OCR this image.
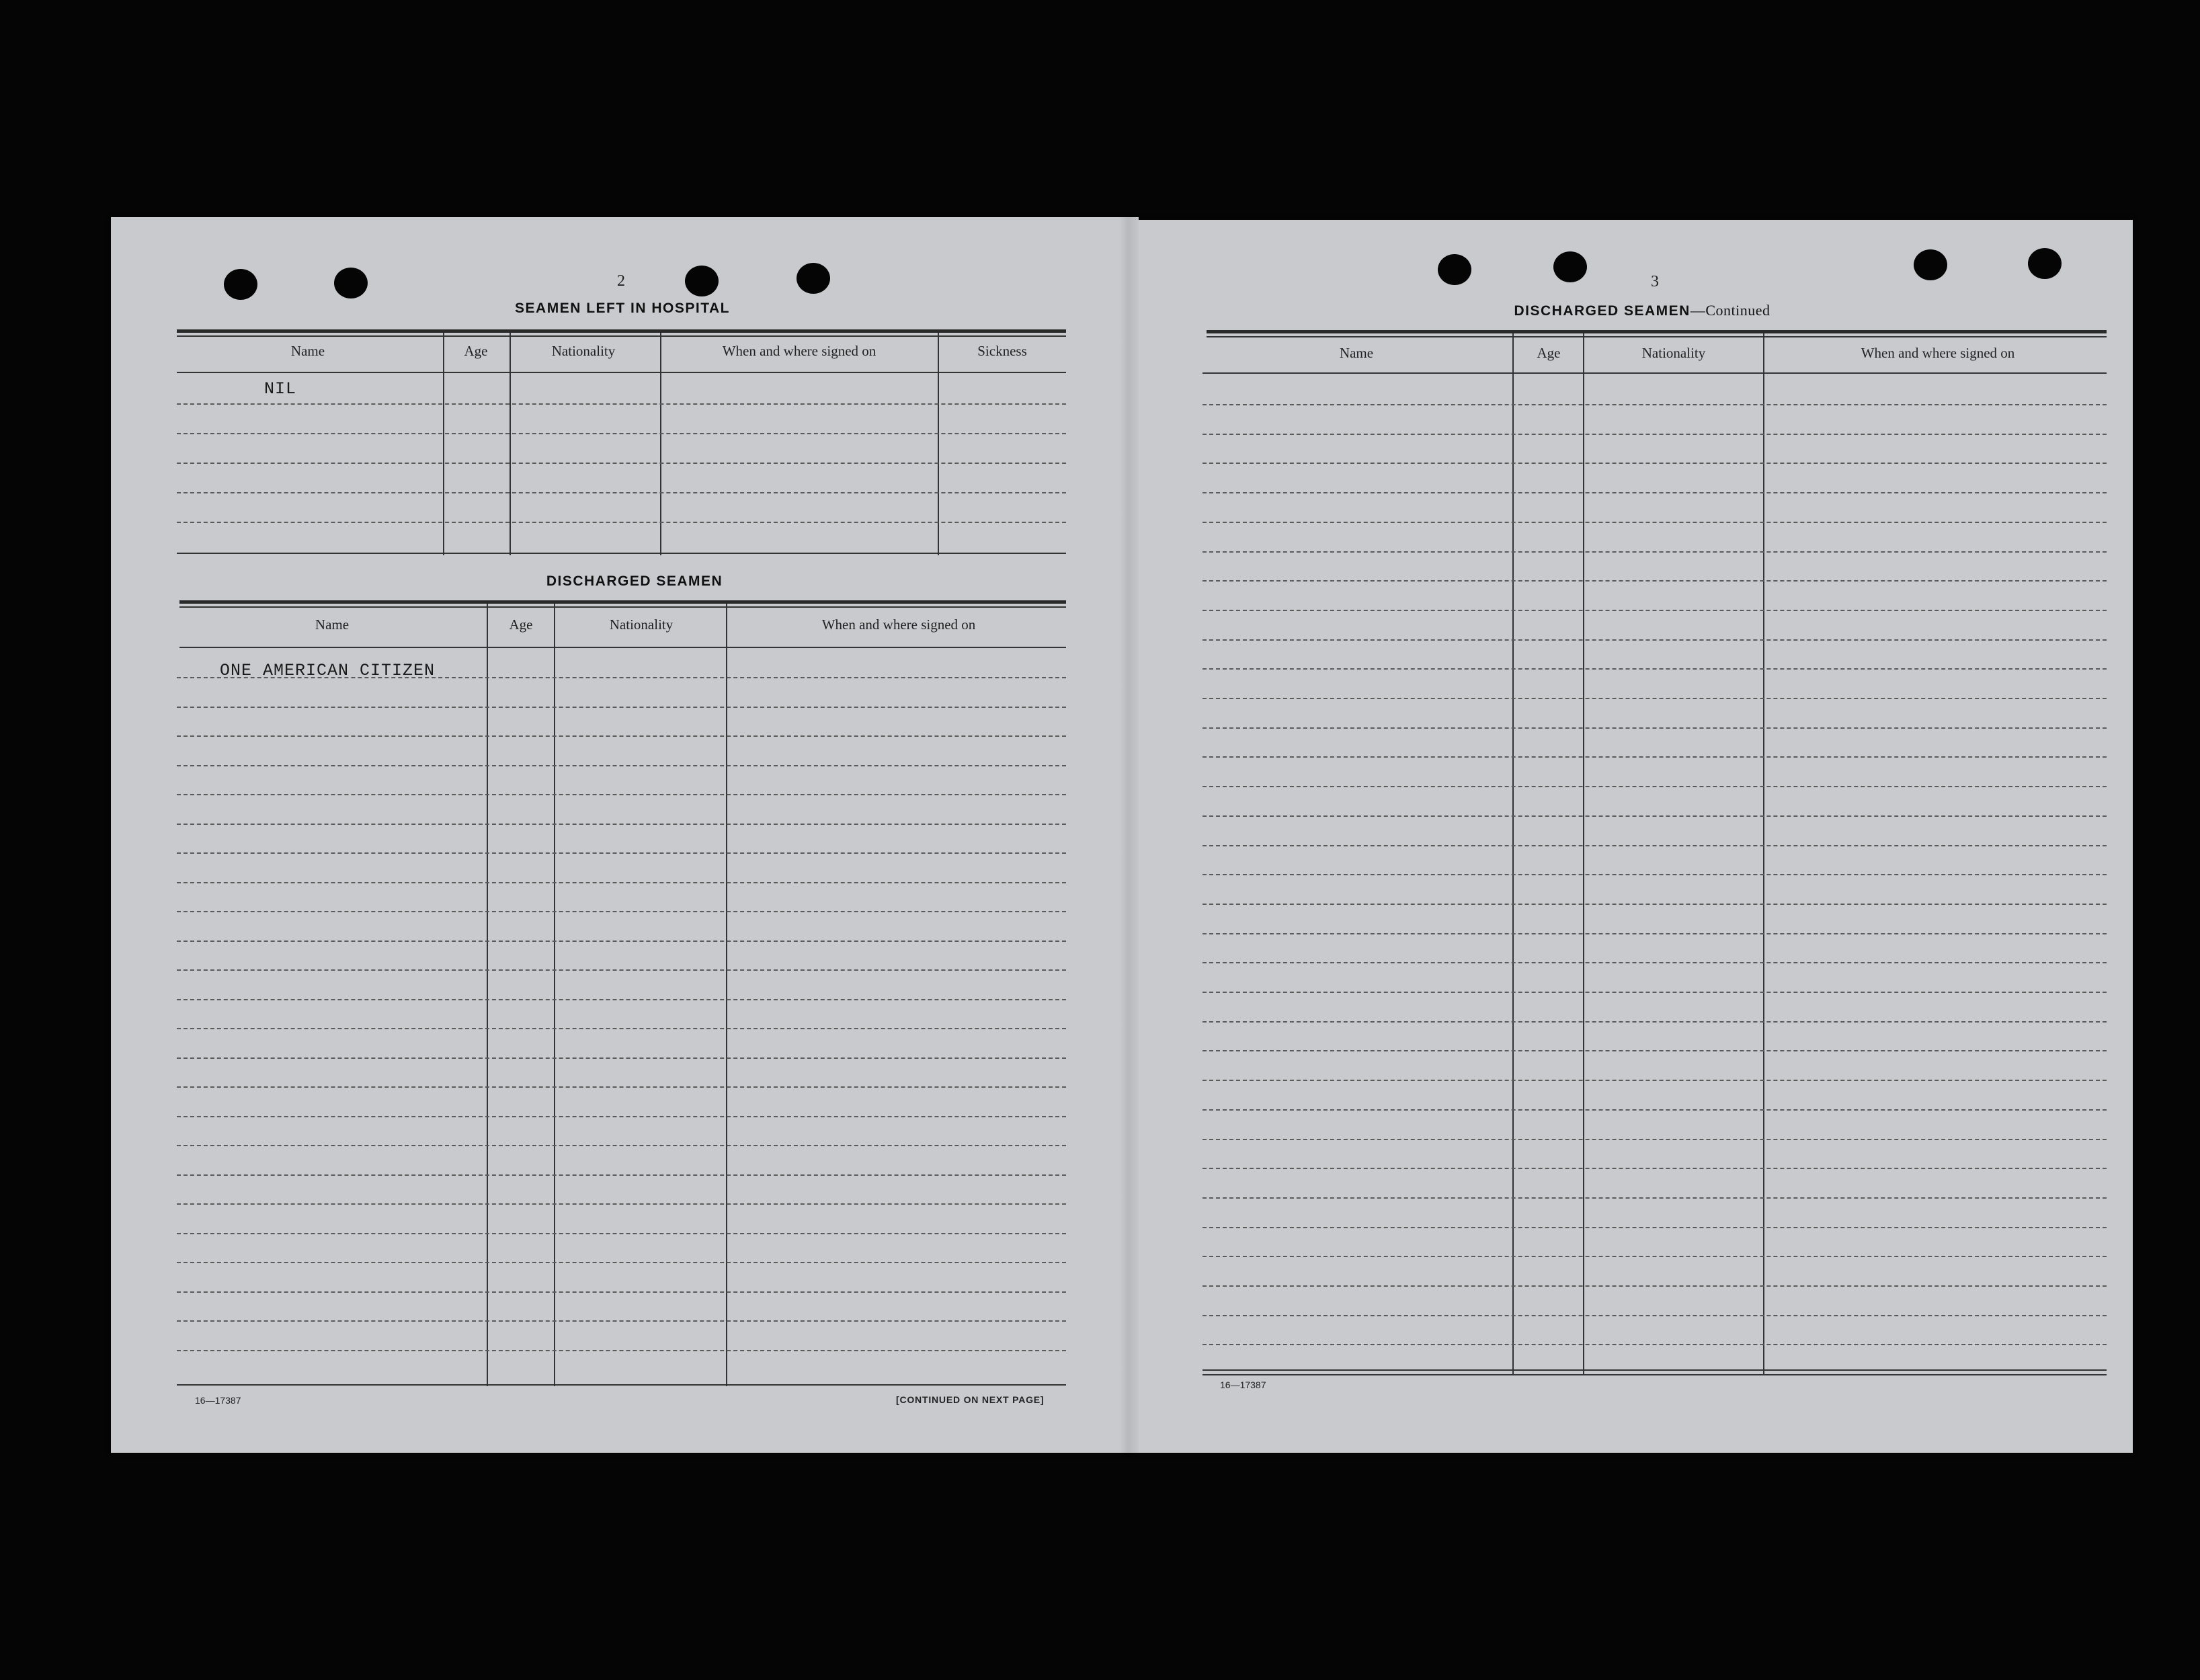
2
SEAMEN LEFT IN HOSPITAL
Name	Age	Nationality	When and where signed on	Sickness
NIL
DISCHARGED SEAMEN
Name	Age	Nationality	When and where signed on
ONE AMERICAN CITIZEN
16—17387	[CONTINUED ON NEXT PAGE]
3
DISCHARGED SEAMEN—Continued
Name	Age	Nationality	When and where signed on
16—17387
